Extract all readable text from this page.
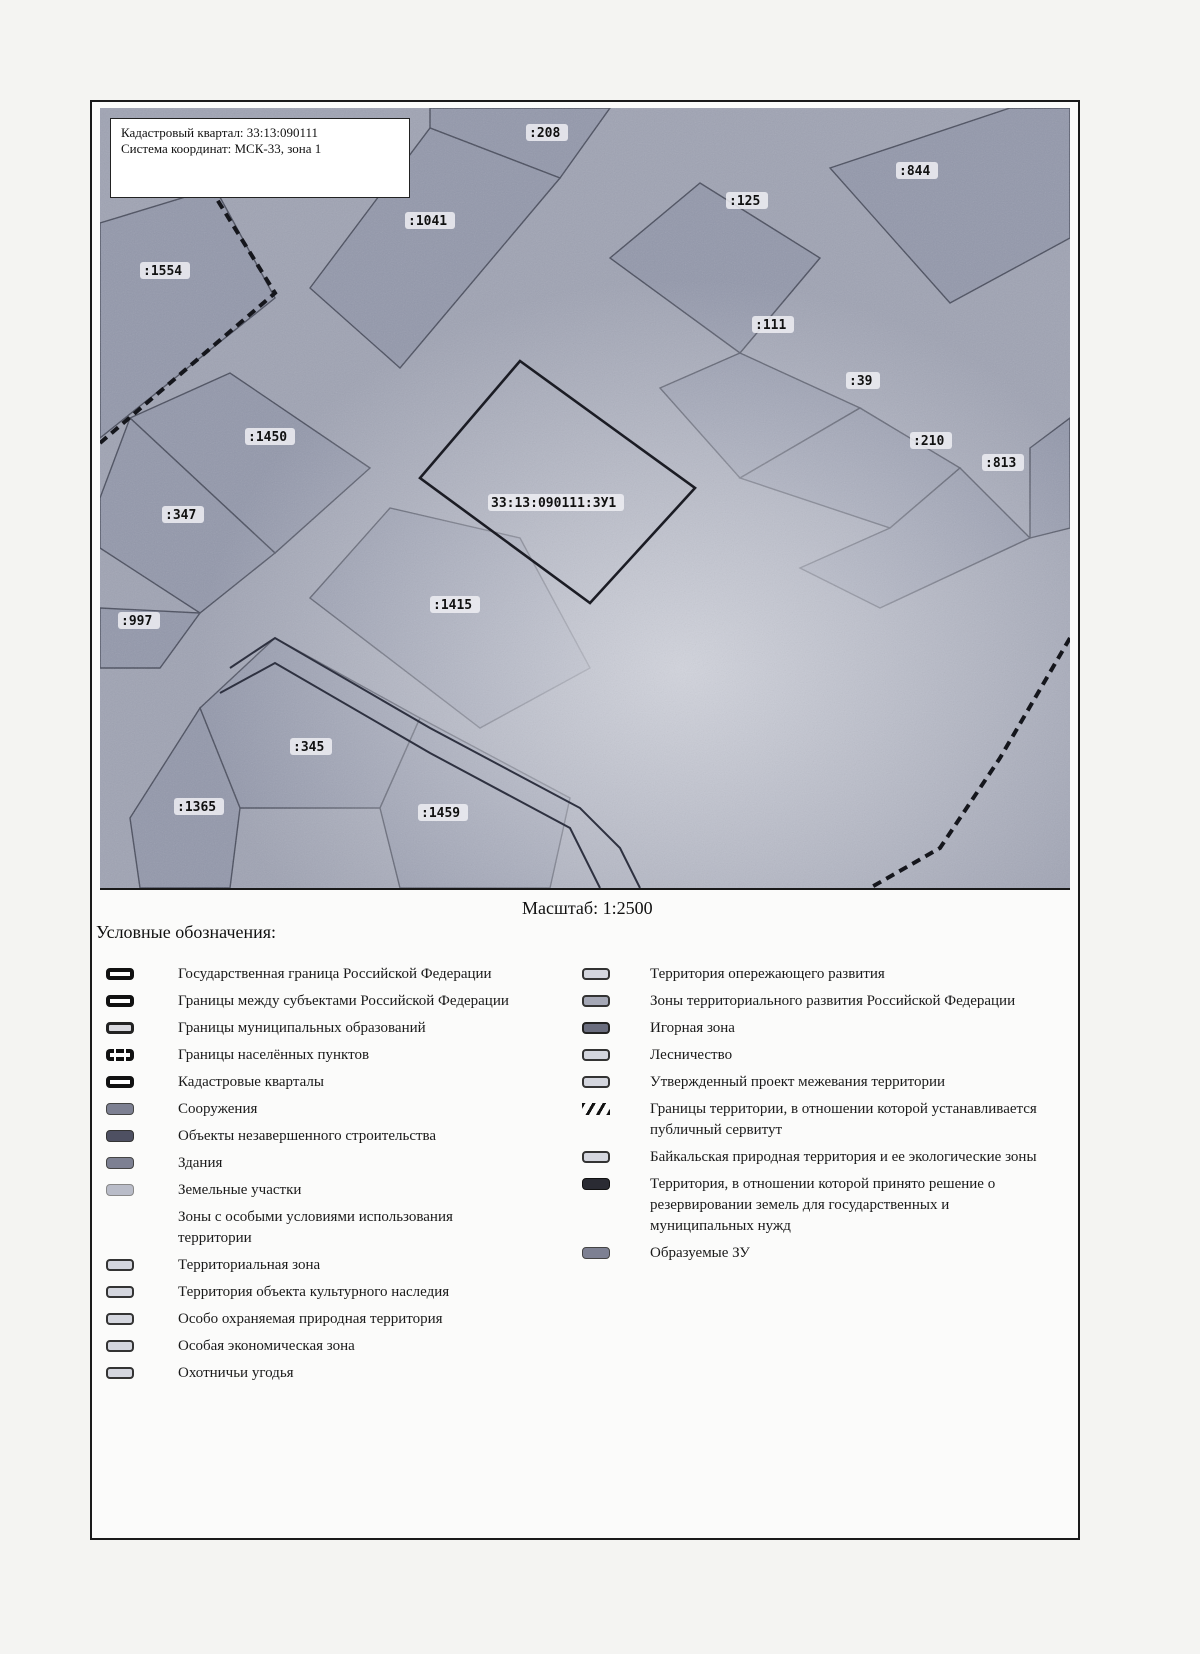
:208
:844
:1041
:125
:1554
:111
:39
:1450	:210
:813
33:13:090111:ЗУ1
:347
:1415
:997
:345
:1365	:1459
Кадастровый квартал: 33:13:090111
Система координат: МСК-33, зона 1
Масштаб: 1:2500
Условные обозначения:
Государственная граница Российской Федерации
Границы между субъектами Российской Федерации
Границы муниципальных образований
Границы населённых пунктов
Кадастровые кварталы
Сооружения
Объекты незавершенного строительства
Здания
Земельные участки
Зоны с особыми условиями использования территории
Территориальная зона
Территория объекта культурного наследия
Особо охраняемая природная территория
Особая экономическая зона
Охотничьи угодья
Территория опережающего развития
Зоны территориального развития Российской Федерации
Игорная зона
Лесничество
Утвержденный проект межевания территории
Границы территории, в отношении которой устанавливается публичный сервитут
Байкальская природная территория и ее экологические зоны
Территория, в отношении которой принято решение о резервировании земель для государственных и муниципальных нужд
Образуемые ЗУ
